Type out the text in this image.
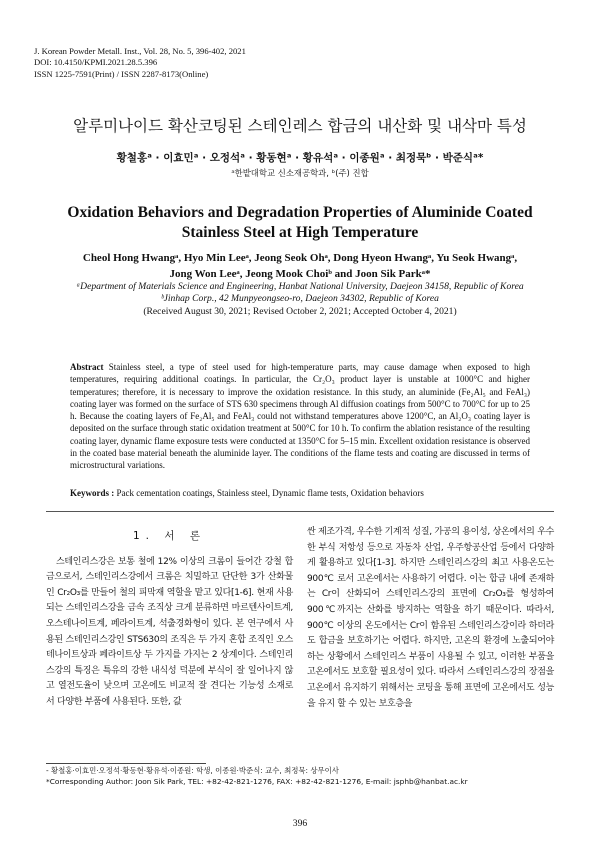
J. Korean Powder Metall. Inst., Vol. 28, No. 5, 396-402, 2021
DOI: 10.4150/KPMI.2021.28.5.396
ISSN 1225-7591(Print) / ISSN 2287-8173(Online)
알루미나이드 확산코팅된 스테인레스 합금의 내산화 및 내삭마 특성
황철홍ᵃ · 이효민ᵃ · 오정석ᵃ · 황동현ᵃ · 황유석ᵃ · 이종원ᵃ · 최정묵ᵇ · 박준식ᵃ*
ᵃ한밭대학교 신소재공학과, ᵇ(주) 진합
Oxidation Behaviors and Degradation Properties of Aluminide Coated
Stainless Steel at High Temperature
Cheol Hong Hwangᵃ, Hyo Min Leeᵃ, Jeong Seok Ohᵃ, Dong Hyeon Hwangᵃ, Yu Seok Hwangᵃ,
Jong Won Leeᵃ, Jeong Mook Choiᵇ and Joon Sik Parkᵃ*
ᵃDepartment of Materials Science and Engineering, Hanbat National University, Daejeon 34158, Republic of Korea
ᵇJinhap Corp., 42 Munpyeongseo-ro, Daejeon 34302, Republic of Korea
(Received August 30, 2021; Revised October 2, 2021; Accepted October 4, 2021)
Abstract Stainless steel, a type of steel used for high-temperature parts, may cause damage when exposed to high temperatures, requiring additional coatings. In particular, the Cr₂O₃ product layer is unstable at 1000°C and higher temperatures; therefore, it is necessary to improve the oxidation resistance. In this study, an aluminide (Fe₂Al₅ and FeAl₃) coating layer was formed on the surface of STS 630 specimens through Al diffusion coatings from 500°C to 700°C for up to 25 h. Because the coating layers of Fe₂Al₅ and FeAl₃ could not withstand temperatures above 1200°C, an Al₂O₃ coating layer is deposited on the surface through static oxidation treatment at 500°C for 10 h. To confirm the ablation resistance of the resulting coating layer, dynamic flame exposure tests were conducted at 1350°C for 5–15 min. Excellent oxidation resistance is observed in the coated base material beneath the aluminide layer. The conditions of the flame tests and coating are discussed in terms of microstructural variations.
Keywords : Pack cementation coatings, Stainless steel, Dynamic flame tests, Oxidation behaviors
1. 서 론

스테인리스강은 보통 철에 12% 이상의 크롬이 들어간 강철 합금으로서, 스테인리스강에서 크롬은 치밀하고 단단한 3가 산화물인 Cr₂O₃를 만들어 철의 피막재 역할을 맡고 있다[1-6]. 현재 사용되는 스테인리스강을 금속 조직상 크게 분류하면 마르텐사이트계, 오스테나이트계, 페라이트계, 석출경화형이 있다. 본 연구에서 사용된 스테인리스강인 STS630의 조직은 두 가지 혼합 조직인 오스테나이트상과 페라이트상 두 가지를 가지는 2 상계이다. 스테인리스강의 특징은 특유의 강한 내식성 덕분에 부식이 잘 일어나지 않고 열전도율이 낮으며 고온에도 비교적 잘 견디는 기능성 소재로서 다양한 부품에 사용된다. 또한, 값

싼 제조가격, 우수한 기계적 성질, 가공의 용이성, 상온에서의 우수한 부식 저항성 등으로 자동차 산업, 우주항공산업 등에서 다양하게 활용하고 있다[1-3]. 하지만 스테인리스강의 최고 사용온도는 900℃ 로서 고온에서는 사용하기 어렵다. 이는 합금 내에 존재하는 Cr이 산화되어 스테인리스강의 표면에 Cr₂O₃를 형성하여 900℃까지는 산화를 방지하는 역할을 하기 때문이다. 따라서, 900℃ 이상의 온도에서는 Cr이 함유된 스테인리스강이라 하더라도 합금을 보호하기는 어렵다. 하지만, 고온의 환경에 노출되어야 하는 상황에서 스테인리스 부품이 사용될 수 있고, 이러한 부품을 고온에서도 보호할 필요성이 있다. 따라서 스테인리스강의 장점을 고온에서 유지하기 위해서는 코팅을 통해 표면에 고온에서도 성능을 유지 할 수 있는 보호층을

- 황철홍·이효민·오정석·황동현·황유석·이종원: 학생, 이종원·박준식: 교수, 최정묵: 상무이사
*Corresponding Author: Joon Sik Park, TEL: +82-42-821-1276, FAX: +82-42-821-1276, E-mail: jsphb@hanbat.ac.kr
396
